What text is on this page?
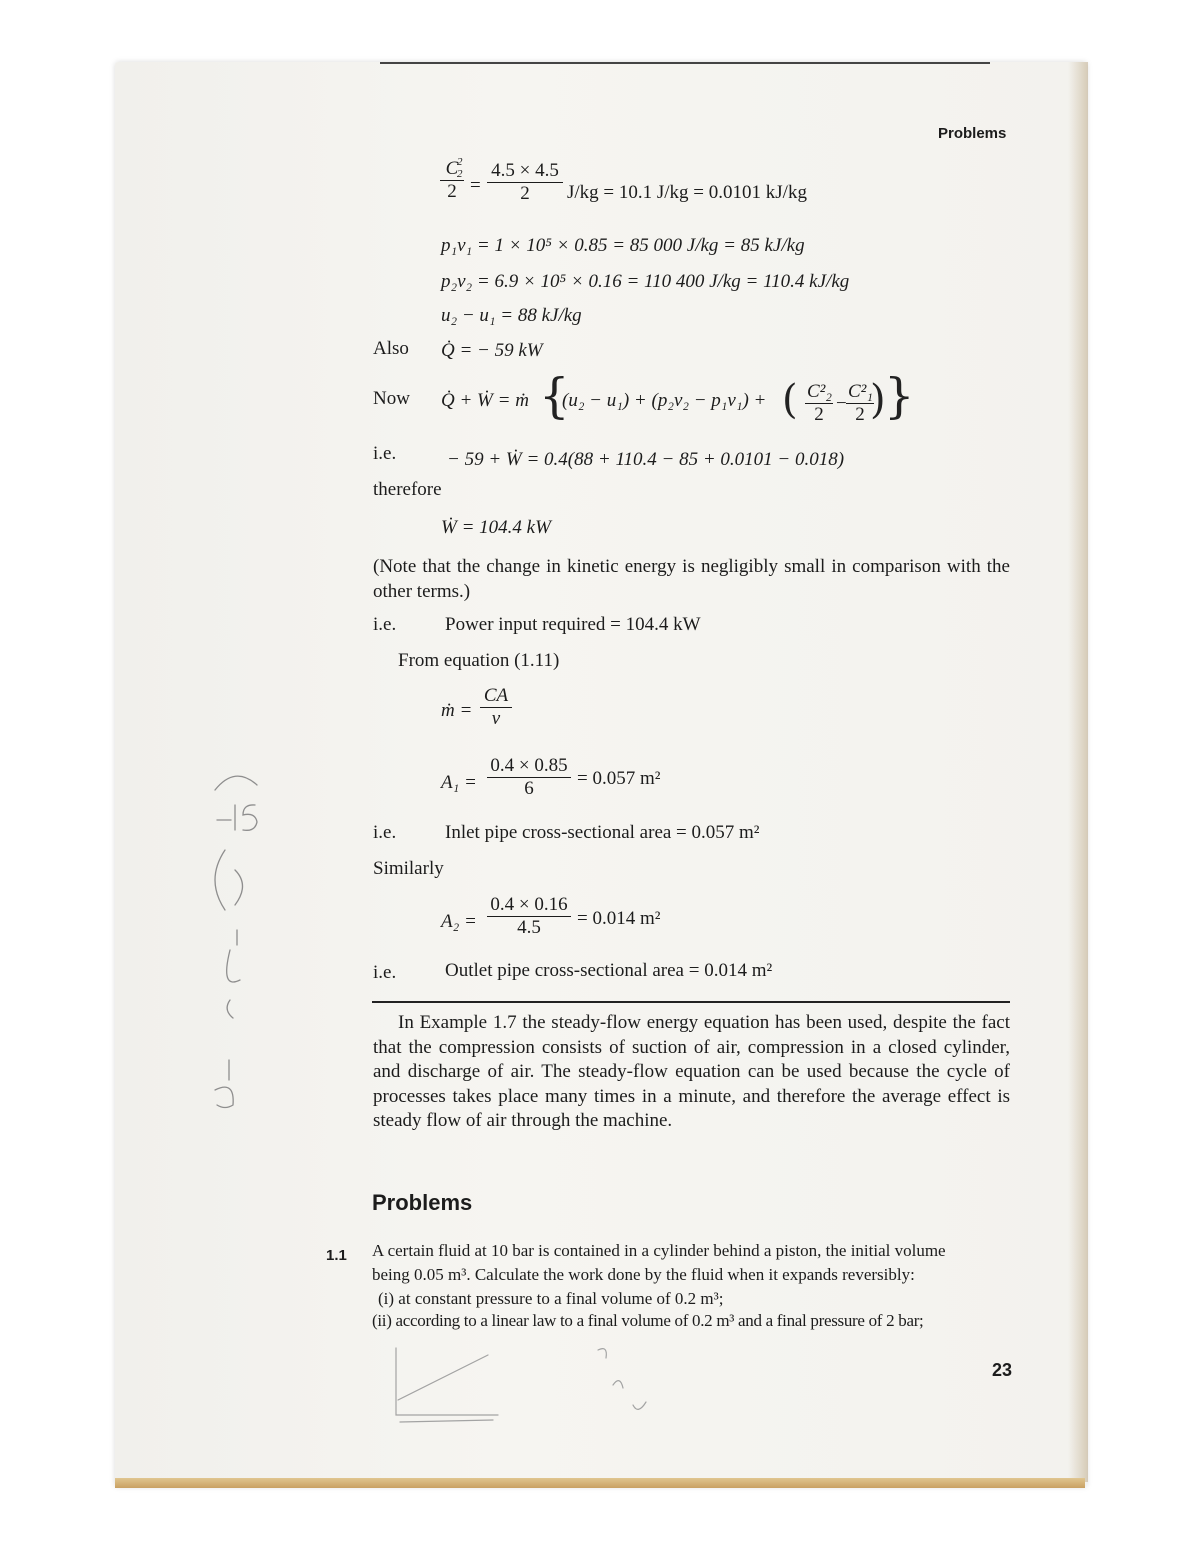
Problems
C
2
2
$2 = \frac{4.5 \times 4.5}{2} J/kg = 10.1$ J/kg = 0.0101 kJ/kg
p₁v₁ = 1 × 10⁵ × 0.85 = 85 000 J/kg = 85 kJ/kg
p₂v₂ = 6.9 × 10⁵ × 0.16 = 110 400 J/kg = 110.4 kJ/kg
u₂ − u₁ = 88 kJ/kg
Also Q̇ = − 59 kW
Now Q̇ + Ẇ = ṁ {
(u₂ − u₁) + (p₂v₂ − p₁v₁) + ( $\frac{\text{C²₂}}{2} - \frac{\text{C²₁}}{2}$
)
}
i.e.	− 59 + Ẇ = 0.4(88 + 110.4 − 85 + 0.0101 − 0.018)
therefore
Ẇ = 104.4 kW
(Note that the change in kinetic energy is negligibly small in comparison with the other terms.)
i.e.	Power input required = 104.4 kW
From equation (1.11)
ṁ = $\frac{CA}{v}$
$A_1 = \frac{0.4 \times 0.85}{6} = 0.057$ m²
i.e.	Inlet pipe cross-sectional area = 0.057 m²
Similarly
$A_2 = \frac{0.4 \times 0.16}{4.5} = 0.014$ m²
i.e.	Outlet pipe cross-sectional area = 0.014 m²
In Example 1.7 the steady-flow energy equation has been used, despite the fact that the compression consists of suction of air, compression in a closed cylinder, and discharge of air. The steady-flow equation can be used because the cycle of processes takes place many times in a minute, and therefore the average effect is steady flow of air through the machine.
Problems
1.1 A certain fluid at 10 bar is contained in a cylinder behind a piston, the initial volume
being 0.05 m³. Calculate the work done by the fluid when it expands reversibly:
(i) at constant pressure to a final volume of 0.2 m³;
(ii) according to a linear law to a final volume of 0.2 m³ and a final pressure of 2 bar;
23
